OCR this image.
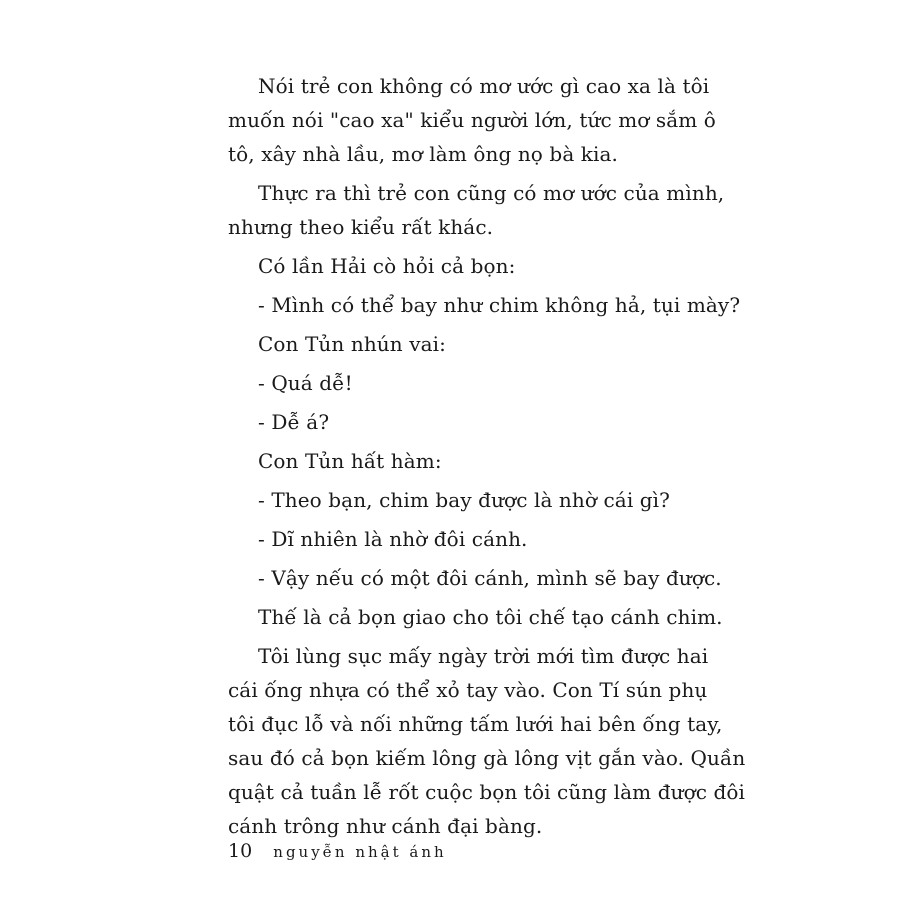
Nói trẻ con không có mơ ước gì cao xa là tôi
muốn nói "cao xa" kiểu người lớn, tức mơ sắm ô
tô, xây nhà lầu, mơ làm ông nọ bà kia.
Thực ra thì trẻ con cũng có mơ ước của mình,
nhưng theo kiểu rất khác.
Có lần Hải cò hỏi cả bọn:
- Mình có thể bay như chim không hả, tụi mày?
Con Tủn nhún vai:
- Quá dễ!
- Dễ á?
Con Tủn hất hàm:
- Theo bạn, chim bay được là nhờ cái gì?
- Dĩ nhiên là nhờ đôi cánh.
- Vậy nếu có một đôi cánh, mình sẽ bay được.
Thế là cả bọn giao cho tôi chế tạo cánh chim.
Tôi lùng sục mấy ngày trời mới tìm được hai
cái ống nhựa có thể xỏ tay vào. Con Tí sún phụ
tôi đục lỗ và nối những tấm lưới hai bên ống tay,
sau đó cả bọn kiếm lông gà lông vịt gắn vào. Quần
quật cả tuần lễ rốt cuộc bọn tôi cũng làm được đôi
cánh trông như cánh đại bàng.
10 nguyễn nhật ánh
